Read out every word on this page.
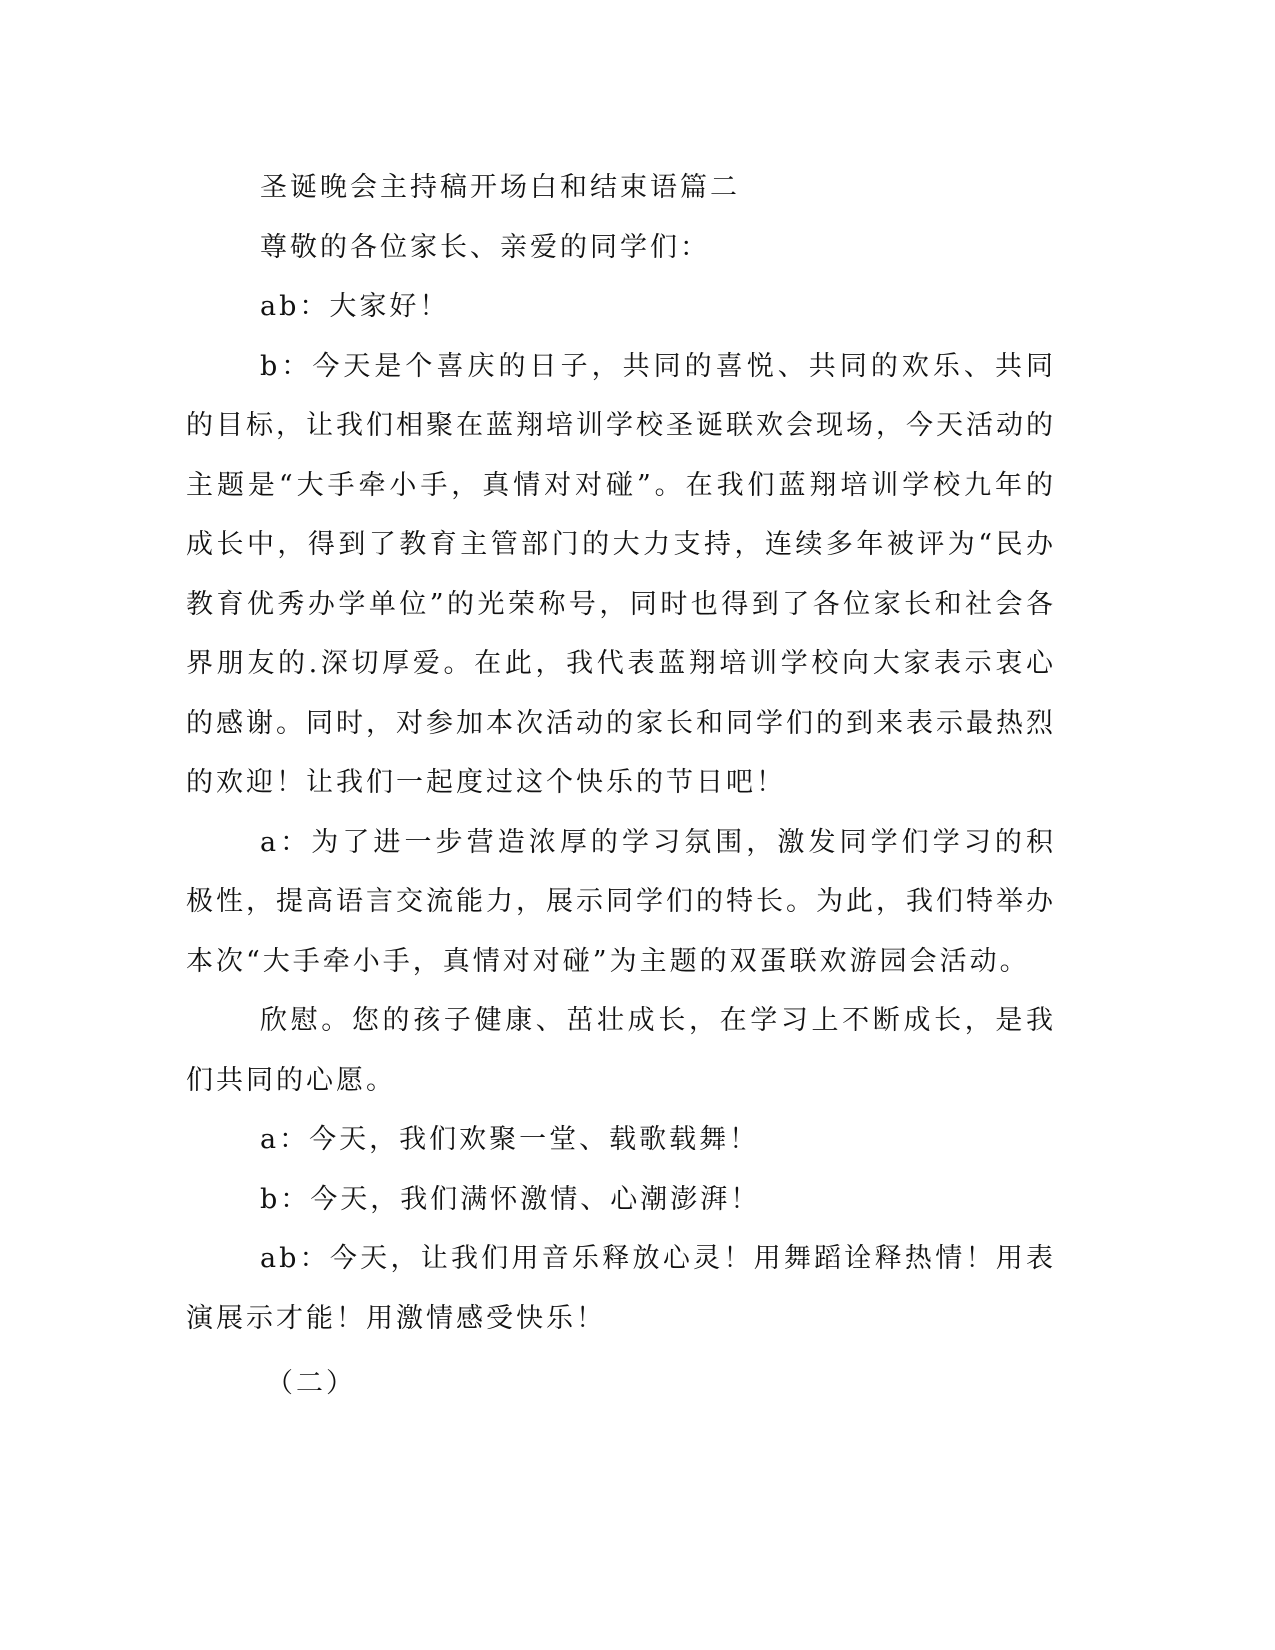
圣诞晚会主持稿开场白和结束语篇二

尊敬的各位家长、亲爱的同学们：

ab：大家好！

b：今天是个喜庆的日子，共同的喜悦、共同的欢乐、共同的目标，让我们相聚在蓝翔培训学校圣诞联欢会现场，今天活动的主题是“大手牵小手，真情对对碰”。在我们蓝翔培训学校九年的成长中，得到了教育主管部门的大力支持，连续多年被评为“民办教育优秀办学单位”的光荣称号，同时也得到了各位家长和社会各界朋友的.深切厚爱。在此，我代表蓝翔培训学校向大家表示衷心的感谢。同时，对参加本次活动的家长和同学们的到来表示最热烈的欢迎！让我们一起度过这个快乐的节日吧！

a：为了进一步营造浓厚的学习氛围，激发同学们学习的积极性，提高语言交流能力，展示同学们的特长。为此，我们特举办本次“大手牵小手，真情对对碰”为主题的双蛋联欢游园会活动。

欣慰。您的孩子健康、茁壮成长，在学习上不断成长，是我们共同的心愿。

a：今天，我们欢聚一堂、载歌载舞！

b：今天，我们满怀激情、心潮澎湃！

ab：今天，让我们用音乐释放心灵！用舞蹈诠释热情！用表演展示才能！用激情感受快乐！

（二）
